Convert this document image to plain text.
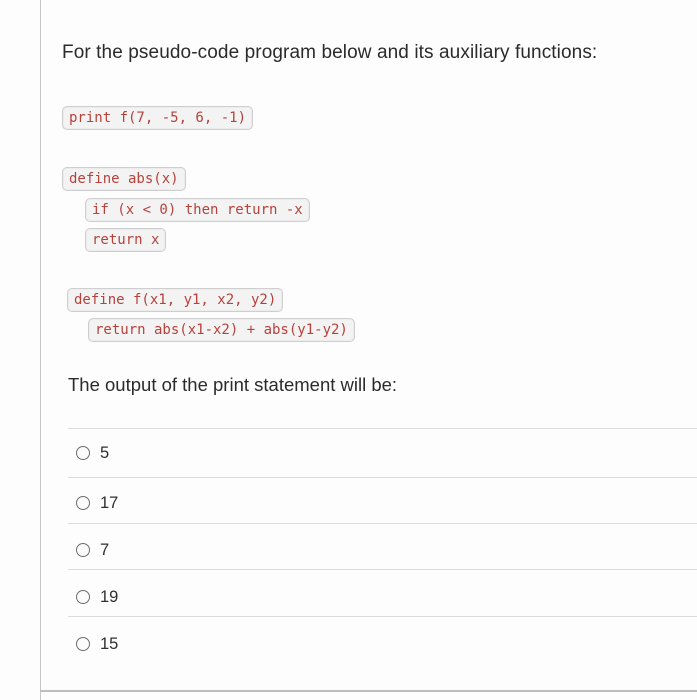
For the pseudo-code program below and its auxiliary functions:
print f(7, -5, 6, -1)
define abs(x)
if (x < 0) then return -x
return x
define f(x1, y1, x2, y2)
return abs(x1-x2) + abs(y1-y2)
The output of the print statement will be:
5
17
7
19
15
